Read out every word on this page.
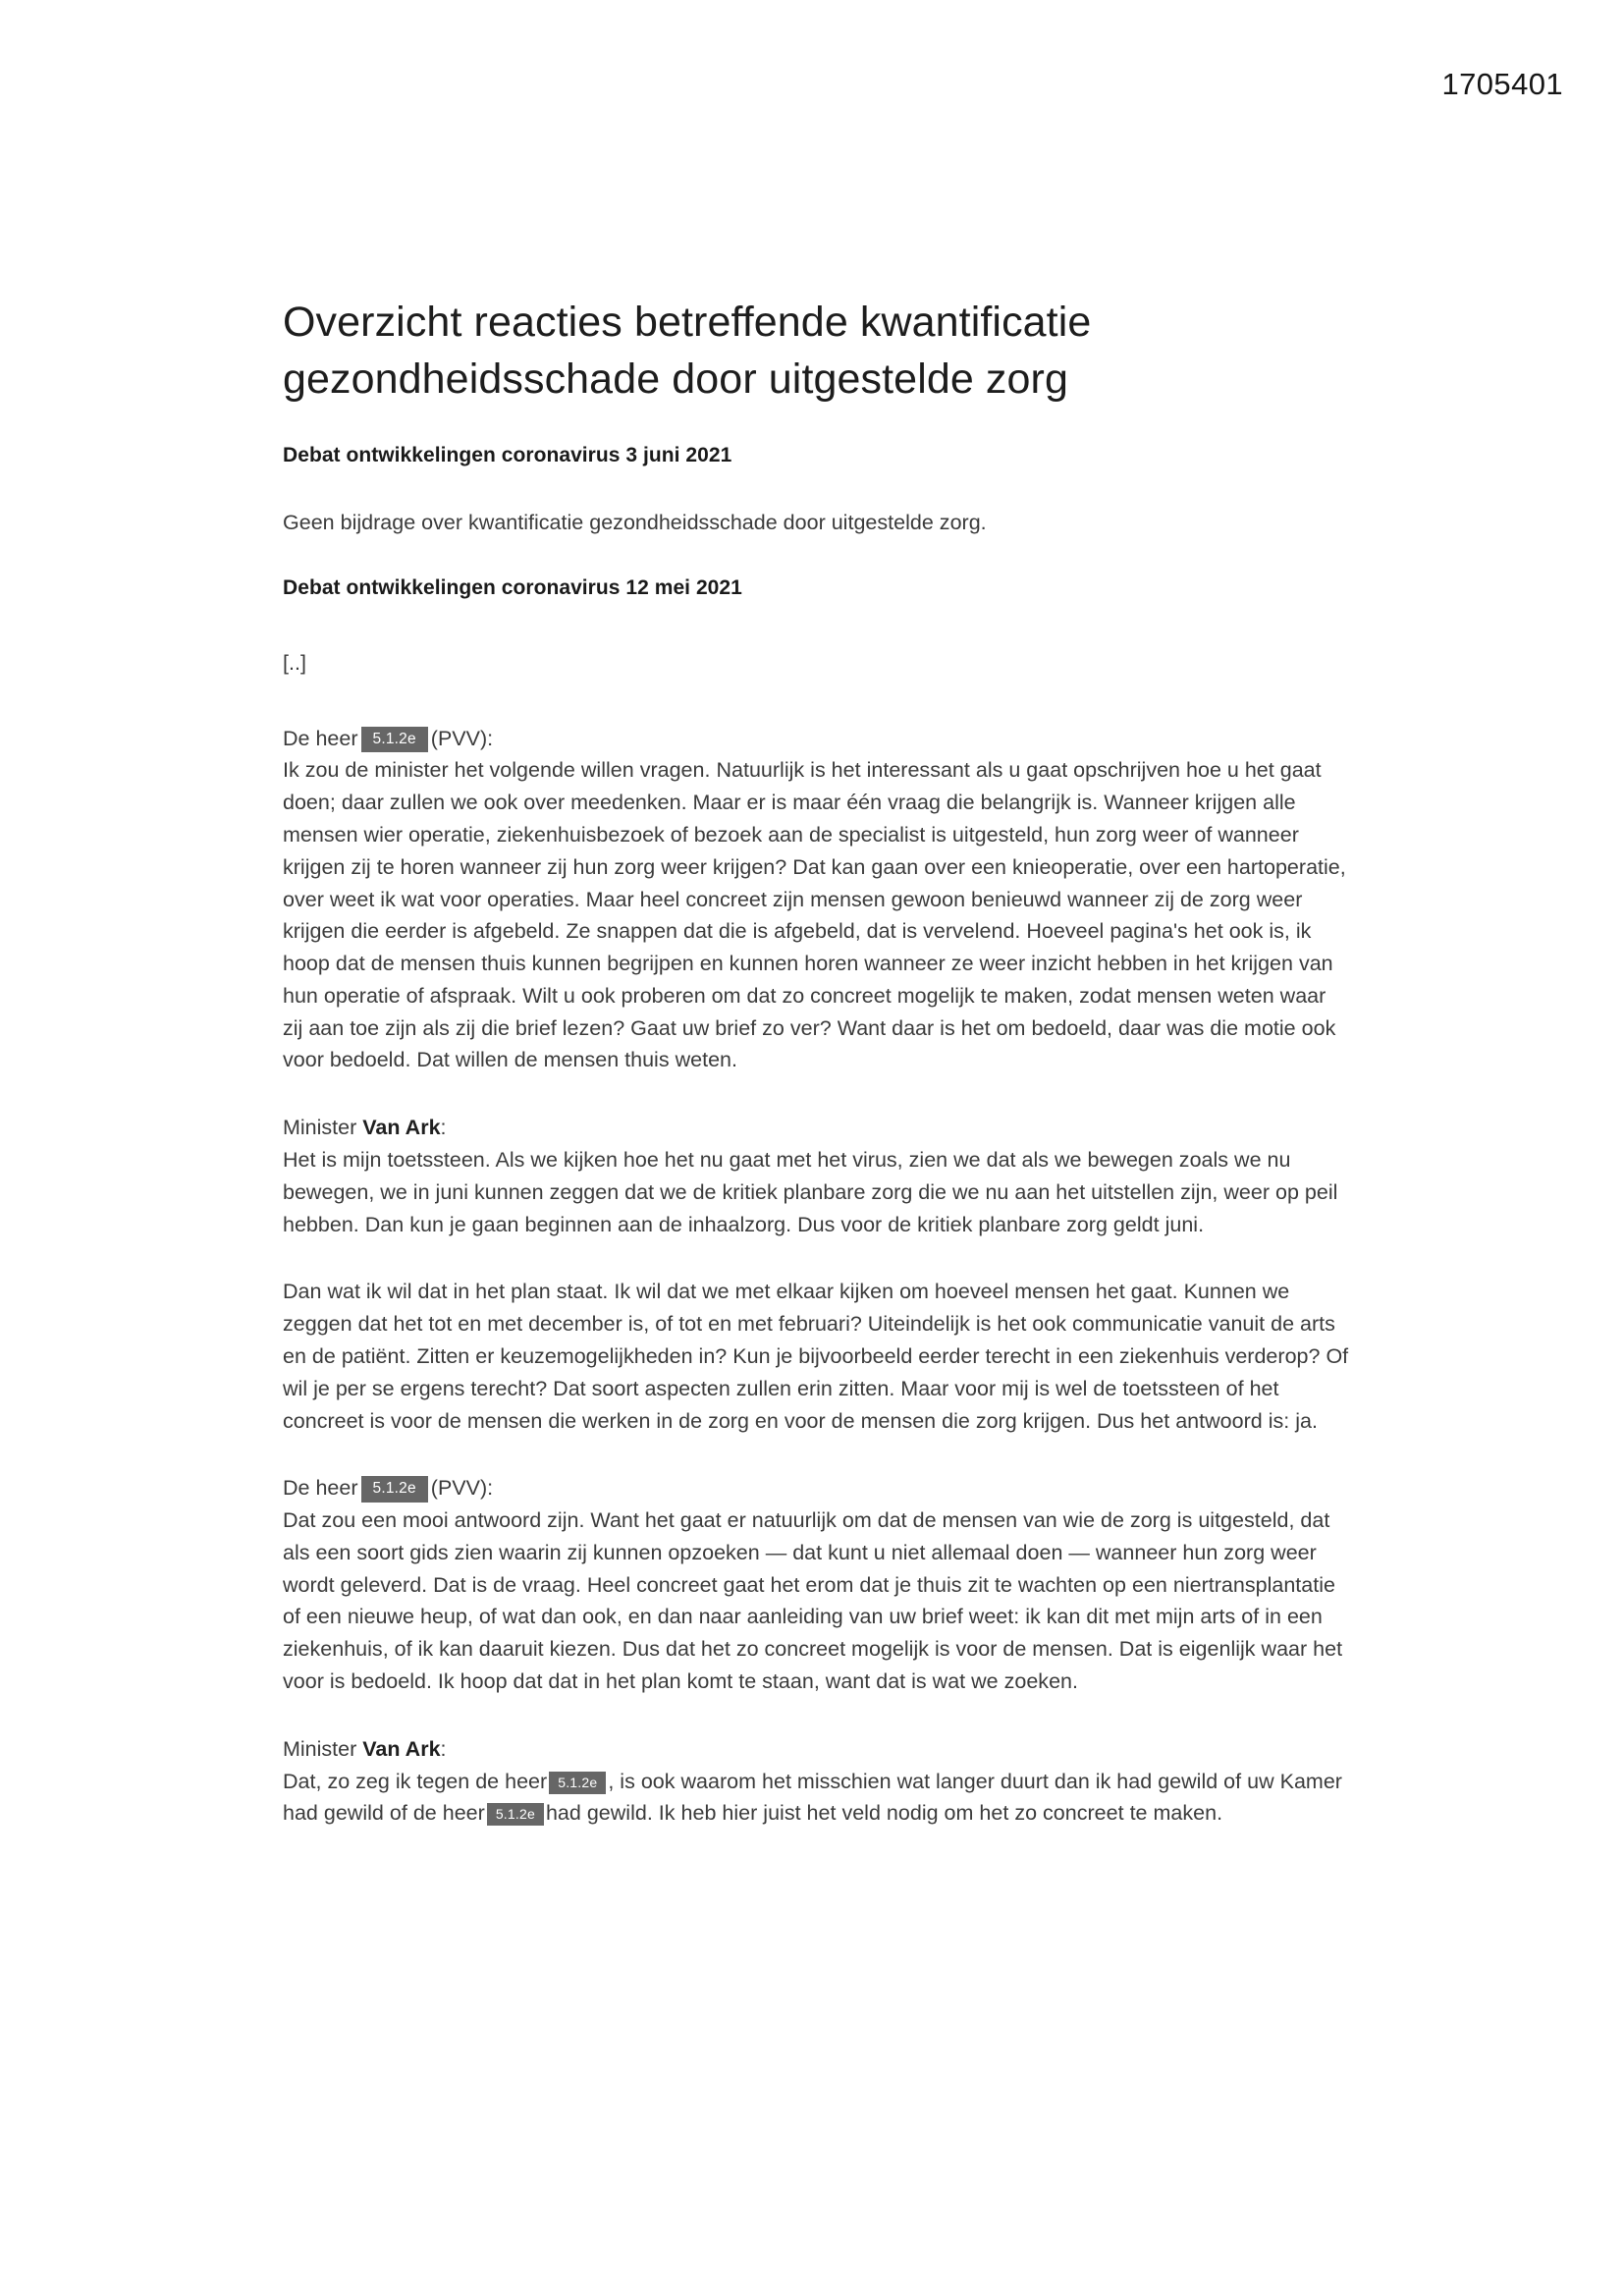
1705401
Overzicht reacties betreffende kwantificatie gezondheidsschade door uitgestelde zorg
Debat ontwikkelingen coronavirus 3 juni 2021
Geen bijdrage over kwantificatie gezondheidsschade door uitgestelde zorg.
Debat ontwikkelingen coronavirus 12 mei 2021
[..]
De heer 5.1.2e (PVV):
Ik zou de minister het volgende willen vragen. Natuurlijk is het interessant als u gaat opschrijven hoe u het gaat doen; daar zullen we ook over meedenken. Maar er is maar één vraag die belangrijk is. Wanneer krijgen alle mensen wier operatie, ziekenhuisbezoek of bezoek aan de specialist is uitgesteld, hun zorg weer of wanneer krijgen zij te horen wanneer zij hun zorg weer krijgen? Dat kan gaan over een knieoperatie, over een hartoperatie, over weet ik wat voor operaties. Maar heel concreet zijn mensen gewoon benieuwd wanneer zij de zorg weer krijgen die eerder is afgebeld. Ze snappen dat die is afgebeld, dat is vervelend. Hoeveel pagina's het ook is, ik hoop dat de mensen thuis kunnen begrijpen en kunnen horen wanneer ze weer inzicht hebben in het krijgen van hun operatie of afspraak. Wilt u ook proberen om dat zo concreet mogelijk te maken, zodat mensen weten waar zij aan toe zijn als zij die brief lezen? Gaat uw brief zo ver? Want daar is het om bedoeld, daar was die motie ook voor bedoeld. Dat willen de mensen thuis weten.
Minister Van Ark:
Het is mijn toetssteen. Als we kijken hoe het nu gaat met het virus, zien we dat als we bewegen zoals we nu bewegen, we in juni kunnen zeggen dat we de kritiek planbare zorg die we nu aan het uitstellen zijn, weer op peil hebben. Dan kun je gaan beginnen aan de inhaalzorg. Dus voor de kritiek planbare zorg geldt juni.
Dan wat ik wil dat in het plan staat. Ik wil dat we met elkaar kijken om hoeveel mensen het gaat. Kunnen we zeggen dat het tot en met december is, of tot en met februari? Uiteindelijk is het ook communicatie vanuit de arts en de patiënt. Zitten er keuzemogelijkheden in? Kun je bijvoorbeeld eerder terecht in een ziekenhuis verderop? Of wil je per se ergens terecht? Dat soort aspecten zullen erin zitten. Maar voor mij is wel de toetssteen of het concreet is voor de mensen die werken in de zorg en voor de mensen die zorg krijgen. Dus het antwoord is: ja.
De heer 5.1.2e (PVV):
Dat zou een mooi antwoord zijn. Want het gaat er natuurlijk om dat de mensen van wie de zorg is uitgesteld, dat als een soort gids zien waarin zij kunnen opzoeken — dat kunt u niet allemaal doen — wanneer hun zorg weer wordt geleverd. Dat is de vraag. Heel concreet gaat het erom dat je thuis zit te wachten op een niertransplantatie of een nieuwe heup, of wat dan ook, en dan naar aanleiding van uw brief weet: ik kan dit met mijn arts of in een ziekenhuis, of ik kan daaruit kiezen. Dus dat het zo concreet mogelijk is voor de mensen. Dat is eigenlijk waar het voor is bedoeld. Ik hoop dat dat in het plan komt te staan, want dat is wat we zoeken.
Minister Van Ark:
Dat, zo zeg ik tegen de heer 5.1.2e , is ook waarom het misschien wat langer duurt dan ik had gewild of uw Kamer had gewild of de heer 5.1.2e had gewild. Ik heb hier juist het veld nodig om het zo concreet te maken.
